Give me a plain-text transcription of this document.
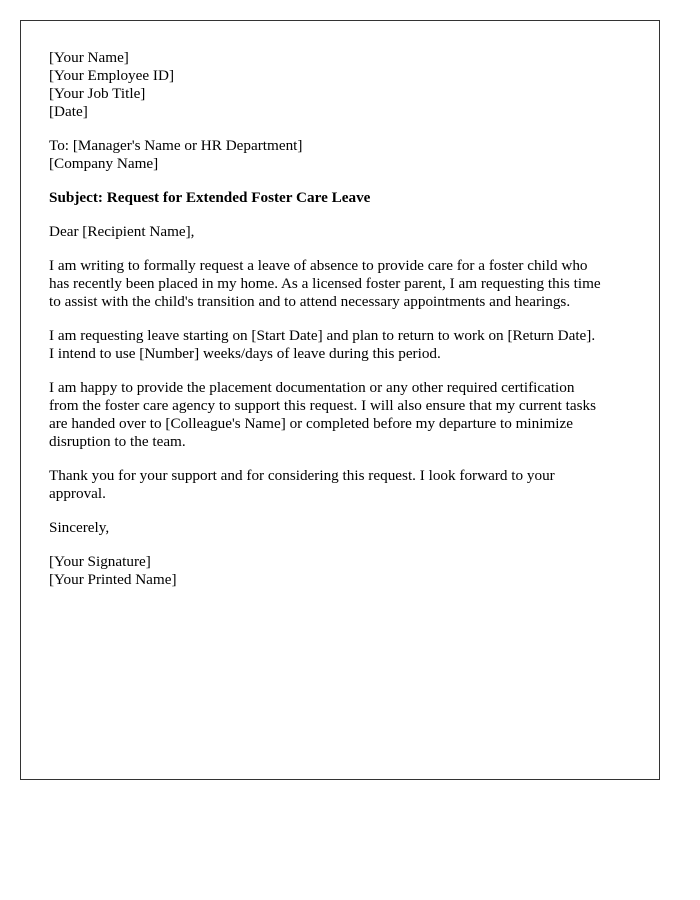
[Your Name]
[Your Employee ID]
[Your Job Title]
[Date]
To: [Manager's Name or HR Department]
[Company Name]
Subject: Request for Extended Foster Care Leave
Dear [Recipient Name],

I am writing to formally request a leave of absence to provide care for a foster child who
has recently been placed in my home. As a licensed foster parent, I am requesting this time
to assist with the child's transition and to attend necessary appointments and hearings.

I am requesting leave starting on [Start Date] and plan to return to work on [Return Date].
I intend to use [Number] weeks/days of leave during this period.

I am happy to provide the placement documentation or any other required certification
from the foster care agency to support this request. I will also ensure that my current tasks
are handed over to [Colleague's Name] or completed before my departure to minimize
disruption to the team.

Thank you for your support and for considering this request. I look forward to your
approval.

Sincerely,
[Your Signature]
[Your Printed Name]
